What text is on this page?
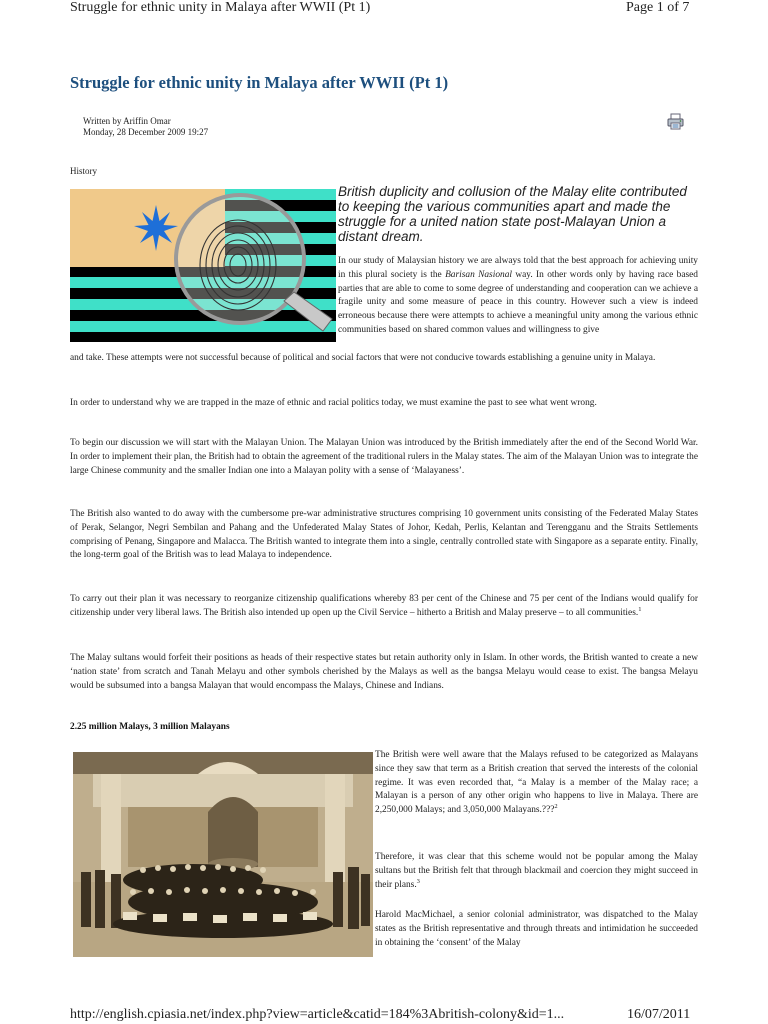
Struggle for ethnic unity in Malaya after WWII (Pt 1)	Page 1 of 7
Struggle for ethnic unity in Malaya after WWII (Pt 1)
Written by Ariffin Omar
Monday, 28 December 2009 19:27
History
British duplicity and collusion of the Malay elite contributed to keeping the various communities apart and made the struggle for a united nation state post-Malayan Union a distant dream.

In our study of Malaysian history we are always told that the best approach for achieving unity in this plural society is the Barisan Nasional way. In other words only by having race based parties that are able to come to some degree of understanding and cooperation can we achieve a fragile unity and some measure of peace in this country. However such a view is indeed erroneous because there were attempts to achieve a meaningful unity among the various ethnic communities based on shared common values and willingness to give

and take. These attempts were not successful because of political and social factors that were not conducive towards establishing a genuine unity in Malaya.

In order to understand why we are trapped in the maze of ethnic and racial politics today, we must examine the past to see what went wrong.

To begin our discussion we will start with the Malayan Union. The Malayan Union was introduced by the British immediately after the end of the Second World War. In order to implement their plan, the British had to obtain the agreement of the traditional rulers in the Malay states. The aim of the Malayan Union was to integrate the large Chinese community and the smaller Indian one into a Malayan polity with a sense of ‘Malayaness’.

The British also wanted to do away with the cumbersome pre-war administrative structures comprising 10 government units consisting of the Federated Malay States of Perak, Selangor, Negri Sembilan and Pahang and the Unfederated Malay States of Johor, Kedah, Perlis, Kelantan and Terengganu and the Straits Settlements comprising of Penang, Singapore and Malacca. The British wanted to integrate them into a single, centrally controlled state with Singapore as a separate entity. Finally, the long-term goal of the British was to lead Malaya to independence.

To carry out their plan it was necessary to reorganize citizenship qualifications whereby 83 per cent of the Chinese and 75 per cent of the Indians would qualify for citizenship under very liberal laws. The British also intended up open up the Civil Service – hitherto a British and Malay preserve – to all communities.$^1$

The Malay sultans would forfeit their positions as heads of their respective states but retain authority only in Islam. In other words, the British wanted to create a new ‘nation state’ from scratch and Tanah Melayu and other symbols cherished by the Malays as well as the bangsa Melayu would cease to exist. The bangsa Melayu would be subsumed into a bangsa Malayan that would encompass the Malays, Chinese and Indians.

2.25 million Malays, 3 million Malayans

The British were well aware that the Malays refused to be categorized as Malayans since they saw that term as a British creation that served the interests of the colonial regime. It was even recorded that, “a Malay is a member of the Malay race; a Malayan is a person of any other origin who happens to live in Malaya. There are 2,250,000 Malays; and 3,050,000 Malayans.???$^2$

Therefore, it was clear that this scheme would not be popular among the Malay sultans but the British felt that through blackmail and coercion they might succeed in their plans.$^3$

Harold MacMichael, a senior colonial administrator, was dispatched to the Malay states as the British representative and through threats and intimidation he succeeded in obtaining the ‘consent’ of the Malay

http://english.cpiasia.net/index.php?view=article&catid=184%3Abritish-colony&id=1...	16/07/2011
